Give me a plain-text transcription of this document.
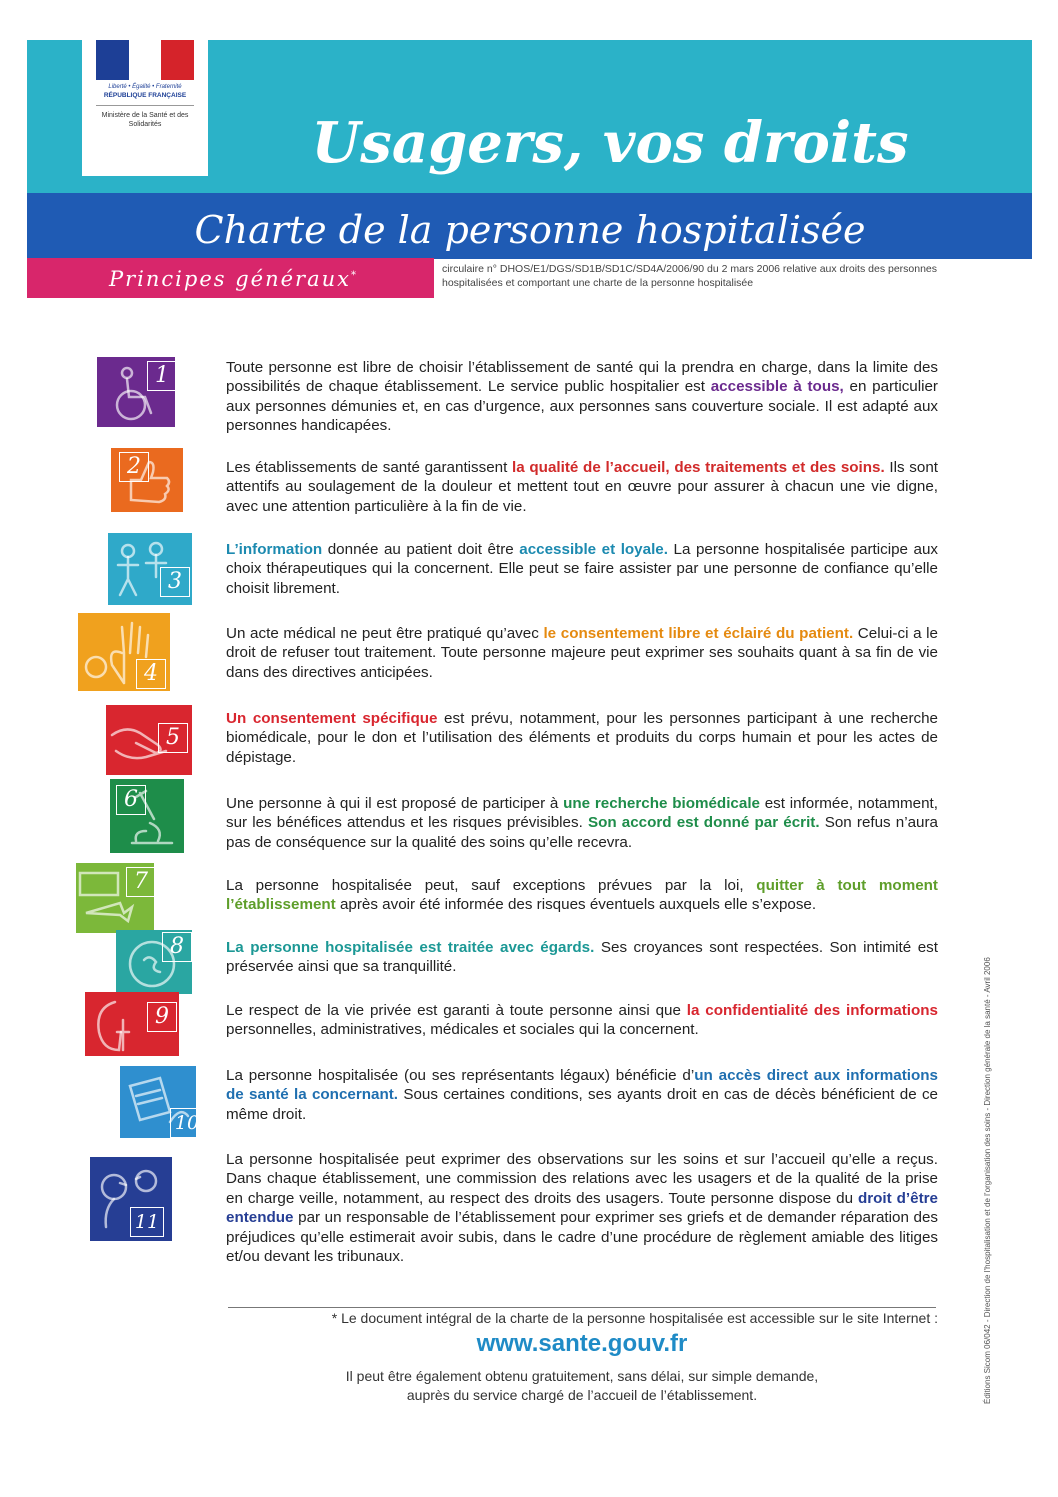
Liberté • Égalité • Fraternité
RÉPUBLIQUE FRANÇAISE
Ministère de la Santé et des Solidarités	Usagers, vos droits
Charte de la personne hospitalisée
Principes généraux*
circulaire n° DHOS/E1/DGS/SD1B/SD1C/SD4A/2006/90 du 2 mars 2006 relative aux droits des personnes hospitalisées et comportant une charte de la personne hospitalisée
1	Toute personne est libre de choisir l’établissement de santé qui la prendra en charge, dans la limite des possibilités de chaque établissement. Le service public hospitalier est accessible à tous, en particulier aux personnes démunies et, en cas d’urgence, aux personnes sans couverture sociale. Il est adapté aux personnes handicapées.
2	Les établissements de santé garantissent la qualité de l’accueil, des traitements et des soins. Ils sont attentifs au soulagement de la douleur et mettent tout en œuvre pour assurer à chacun une vie digne, avec une attention particulière à la fin de vie.
3
L’information donnée au patient doit être accessible et loyale. La personne hospitalisée participe aux choix thérapeutiques qui la concernent. Elle peut se faire assister par une personne de confiance qu’elle choisit librement.
4
Un acte médical ne peut être pratiqué qu’avec le consentement libre et éclairé du patient. Celui-ci a le droit de refuser tout traitement. Toute personne majeure peut exprimer ses souhaits quant à sa fin de vie dans des directives anticipées.
5
Un consentement spécifique est prévu, notamment, pour les personnes participant à une recherche biomédicale, pour le don et l’utilisation des éléments et produits du corps humain et pour les actes de dépistage.
6	Une personne à qui il est proposé de participer à une recherche biomédicale est informée, notamment, sur les bénéfices attendus et les risques prévisibles. Son accord est donné par écrit. Son refus n’aura pas de conséquence sur la qualité des soins qu’elle recevra.
7	La personne hospitalisée peut, sauf exceptions prévues par la loi, quitter à tout moment l’établissement après avoir été informée des risques éventuels auxquels elle s’expose.
8	La personne hospitalisée est traitée avec égards. Ses croyances sont respectées. Son intimité est préservée ainsi que sa tranquillité.
9	Le respect de la vie privée est garanti à toute personne ainsi que la confidentialité des informations personnelles, administratives, médicales et sociales qui la concernent.
10
La personne hospitalisée (ou ses représentants légaux) bénéficie d’un accès direct aux informations de santé la concernant. Sous certaines conditions, ses ayants droit en cas de décès bénéficient de ce même droit.
11
La personne hospitalisée peut exprimer des observations sur les soins et sur l’accueil qu’elle a reçus. Dans chaque établissement, une commission des relations avec les usagers et de la qualité de la prise en charge veille, notamment, au respect des droits des usagers. Toute personne dispose du droit d’être entendue par un responsable de l’établissement pour exprimer ses griefs et de demander réparation des préjudices qu’elle estimerait avoir subis, dans le cadre d’une procédure de règlement amiable des litiges et/ou devant les tribunaux.
* Le document intégral de la charte de la personne hospitalisée est accessible sur le site Internet :
www.sante.gouv.fr
Il peut être également obtenu gratuitement, sans délai, sur simple demande,
auprès du service chargé de l’accueil de l’établissement.	Éditions Sicom 06/042 - Direction de l’hospitalisation et de l’organisation des soins - Direction générale de la santé - Avril 2006
